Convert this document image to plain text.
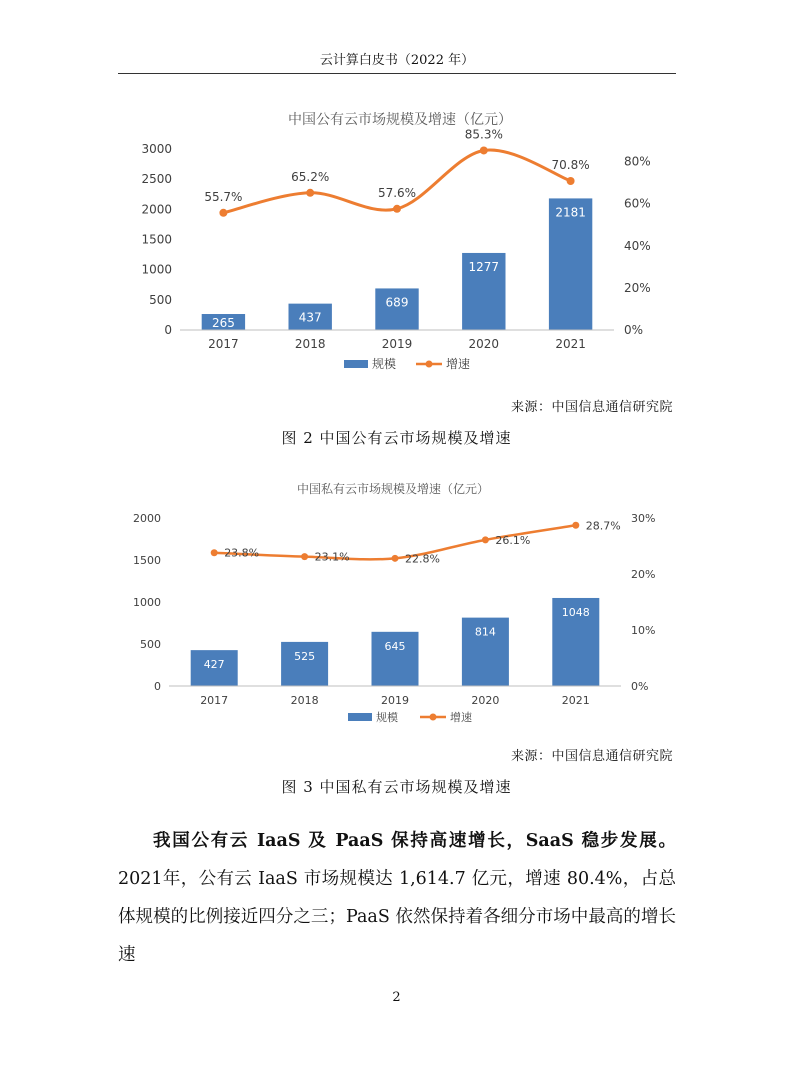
云计算白皮书（2022 年）
中国公有云市场规模及增速（亿元）
0
500
1000
1500
2000
2500
3000
0%
20%
40%
60%
80%
265	437
689
1277
2181
2017	2018	2019	2020	2021
55.7%
65.2%
57.6%
85.3%
70.8%
规模	增速
来源：中国信息通信研究院
图 2 中国公有云市场规模及增速
中国私有云市场规模及增速（亿元）
0
500
1000
1500
2000
0%
10%
20%
30%
427
525
645
814
1048
2017	2018	2019	2020	2021
23.8%	23.1%	22.8%
26.1%
28.7%
规模	增速
来源：中国信息通信研究院
图 3 中国私有云市场规模及增速
我国公有云 IaaS 及 PaaS 保持高速增长，SaaS 稳步发展。2021年，公有云 IaaS 市场规模达 1,614.7 亿元，增速 80.4%，占总体规模的比例接近四分之三；PaaS 依然保持着各细分市场中最高的增长速
2
